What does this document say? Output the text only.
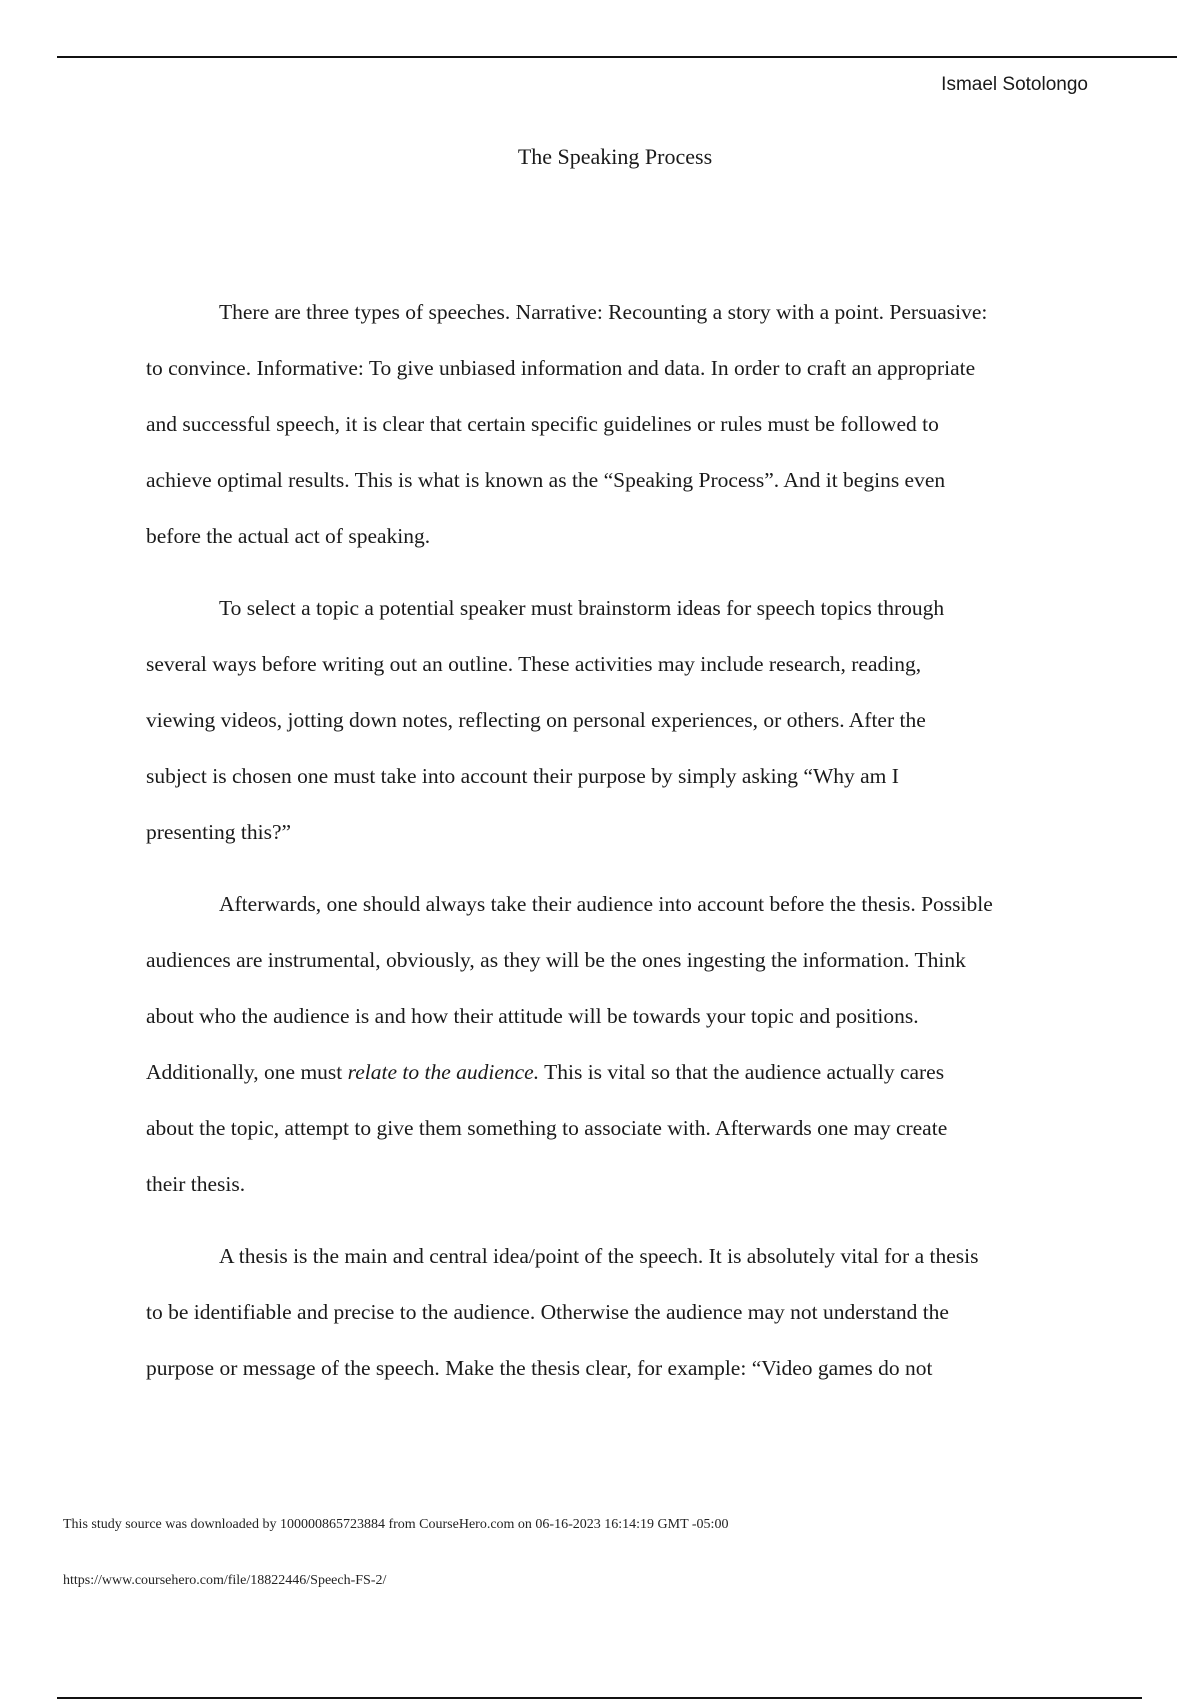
Ismael Sotolongo
The Speaking Process

There are three types of speeches. Narrative: Recounting a story with a point. Persuasive:
to convince. Informative: To give unbiased information and data. In order to craft an appropriate
and successful speech, it is clear that certain specific guidelines or rules must be followed to
achieve optimal results. This is what is known as the “Speaking Process”. And it begins even
before the actual act of speaking.

To select a topic a potential speaker must brainstorm ideas for speech topics through
several ways before writing out an outline. These activities may include research, reading,
viewing videos, jotting down notes, reflecting on personal experiences, or others. After the
subject is chosen one must take into account their purpose by simply asking “Why am I
presenting this?”

Afterwards, one should always take their audience into account before the thesis. Possible
audiences are instrumental, obviously, as they will be the ones ingesting the information. Think
about who the audience is and how their attitude will be towards your topic and positions.
Additionally, one must relate to the audience. This is vital so that the audience actually cares
about the topic, attempt to give them something to associate with. Afterwards one may create
their thesis.

A thesis is the main and central idea/point of the speech. It is absolutely vital for a thesis
to be identifiable and precise to the audience. Otherwise the audience may not understand the
purpose or message of the speech. Make the thesis clear, for example: “Video games do not

This study source was downloaded by 100000865723884 from CourseHero.com on 06-16-2023 16:14:19 GMT -05:00
https://www.coursehero.com/file/18822446/Speech-FS-2/
